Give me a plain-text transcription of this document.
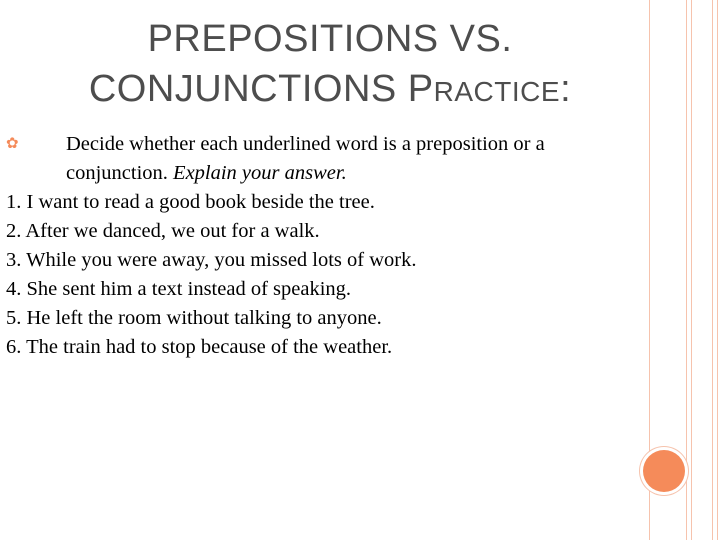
PREPOSITIONS VS.
CONJUNCTIONS PRACTICE:
✿	Decide whether each underlined word is a preposition or a conjunction. Explain your answer.
1. I want to read a good book beside the tree.
2. After we danced, we out for a walk.
3. While you were away, you missed lots of work.
4. She sent him a text instead of speaking.
5. He left the room without talking to anyone.
6. The train had to stop because of the weather.
